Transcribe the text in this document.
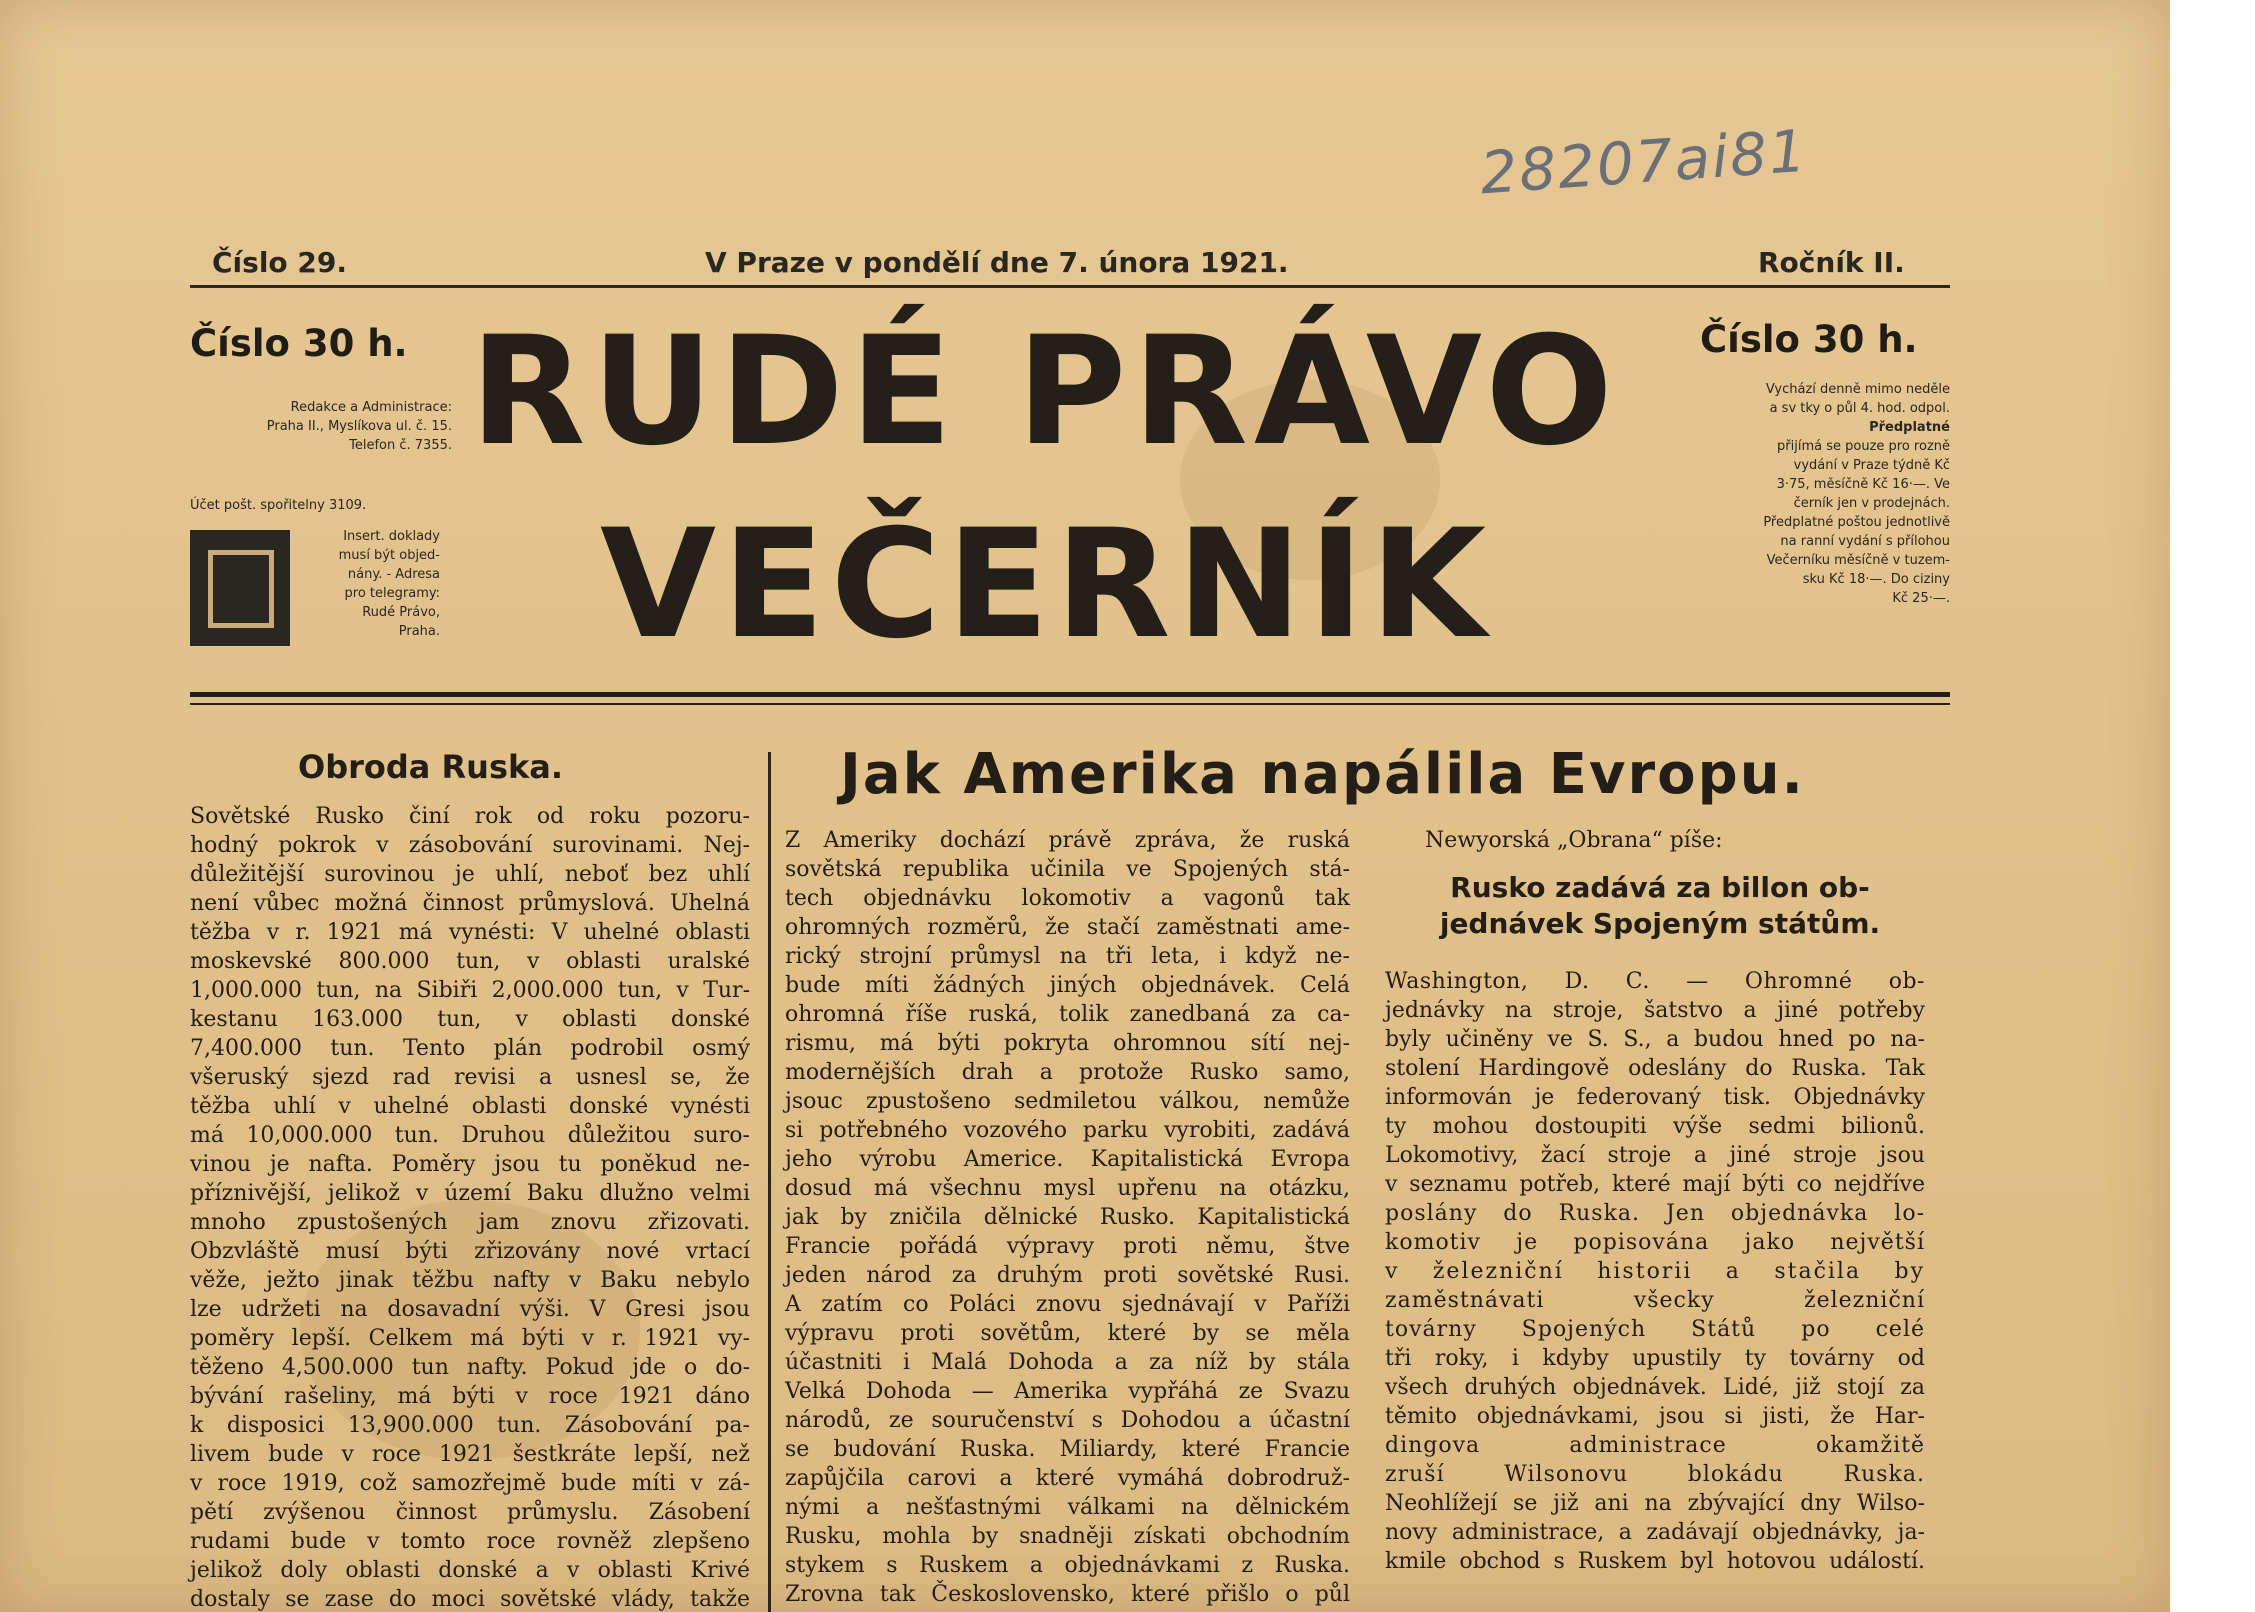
28207ai81
Číslo 29.	V Praze v pondělí dne 7. února 1921.	Ročník II.
Číslo 30 h.
Redakce a Administrace:
Praha II., Myslíkova ul. č. 15.
Telefon č. 7355.
Účet pošt. spořitelny 3109.
Insert. doklady
musí být objed-
nány. - Adresa
pro telegramy:
Rudé Právo,
Praha.
RUDÉ PRÁVO
VEČERNÍK
Číslo 30 h.
Vychází denně mimo neděle
a sv tky o půl 4. hod. odpol.
Předplatné
přijímá se pouze pro rozně
vydání v Praze týdně Kč
3·75, měsíčně Kč 16·—. Ve
černík jen v prodejnách.
Předplatné poštou jednotlivě
na ranní vydání s přílohou
Večerníku měsíčně v tuzem-
sku Kč 18·—. Do ciziny
Kč 25·—.
Obroda Ruska.
Sovětské Rusko činí rok od roku pozoru-
hodný pokrok v zásobování surovinami. Nej-
důležitější surovinou je uhlí, neboť bez uhlí
není vůbec možná činnost průmyslová. Uhelná
těžba v r. 1921 má vynésti: V uhelné oblasti
moskevské 800.000 tun, v oblasti uralské
1,000.000 tun, na Sibiři 2,000.000 tun, v Tur-
kestanu 163.000 tun, v oblasti donské
7,400.000 tun. Tento plán podrobil osmý
všeruský sjezd rad revisi a usnesl se, že
těžba uhlí v uhelné oblasti donské vynésti
má 10,000.000 tun. Druhou důležitou suro-
vinou je nafta. Poměry jsou tu poněkud ne-
příznivější, jelikož v území Baku dlužno velmi
mnoho zpustošených jam znovu zřizovati.
Obzvláště musí býti zřizovány nové vrtací
věže, ježto jinak těžbu nafty v Baku nebylo
lze udržeti na dosavadní výši. V Gresi jsou
poměry lepší. Celkem má býti v r. 1921 vy-
těženo 4,500.000 tun nafty. Pokud jde o do-
bývání rašeliny, má býti v roce 1921 dáno
k disposici 13,900.000 tun. Zásobování pa-
livem bude v roce 1921 šestkráte lepší, než
v roce 1919, což samozřejmě bude míti v zá-
pětí zvýšenou činnost průmyslu. Zásobení
rudami bude v tomto roce rovněž zlepšeno
jelikož doly oblasti donské a v oblasti Krivé
dostaly se zase do moci sovětské vlády, takže
Jak Amerika napálila Evropu.
Z Ameriky dochází právě zpráva, že ruská
sovětská republika učinila ve Spojených stá-
tech objednávku lokomotiv a vagonů tak
ohromných rozměrů, že stačí zaměstnati ame-
rický strojní průmysl na tři leta, i když ne-
bude míti žádných jiných objednávek. Celá
ohromná říše ruská, tolik zanedbaná za ca-
rismu, má býti pokryta ohromnou sítí nej-
modernějších drah a protože Rusko samo,
jsouc zpustošeno sedmiletou válkou, nemůže
si potřebného vozového parku vyrobiti, zadává
jeho výrobu Americe. Kapitalistická Evropa
dosud má všechnu mysl upřenu na otázku,
jak by zničila dělnické Rusko. Kapitalistická
Francie pořádá výpravy proti němu, štve
jeden národ za druhým proti sovětské Rusi.
A zatím co Poláci znovu sjednávají v Paříži
výpravu proti sovětům, které by se měla
účastniti i Malá Dohoda a za níž by stála
Velká Dohoda — Amerika vypřáhá ze Svazu
národů, ze souručenství s Dohodou a účastní
se budování Ruska. Miliardy, které Francie
zapůjčila carovi a které vymáhá dobrodruž-
nými a nešťastnými válkami na dělnickém
Rusku, mohla by snadněji získati obchodním
stykem s Ruskem a objednávkami z Ruska.
Zrovna tak Československo, které přišlo o půl
Newyorská „Obrana“ píše:
Rusko zadává za billon ob-
jednávek Spojeným státům.
Washington, D. C. — Ohromné ob-
jednávky na stroje, šatstvo a jiné potřeby
byly učiněny ve S. S., a budou hned po na-
stolení Hardingově odeslány do Ruska. Tak
informován je federovaný tisk. Objednávky
ty mohou dostoupiti výše sedmi bilionů.
Lokomotivy, žací stroje a jiné stroje jsou
v seznamu potřeb, které mají býti co nejdříve
poslány do Ruska. Jen objednávka lo-
komotiv je popisována jako největší
v železniční historii a stačila by
zaměstnávati všecky železniční
továrny Spojených Států po celé
tři roky, i kdyby upustily ty továrny od
všech druhých objednávek. Lidé, již stojí za
těmito objednávkami, jsou si jisti, že Har-
dingova administrace okamžitě
zruší Wilsonovu blokádu Ruska.
Neohlížejí se již ani na zbývající dny Wilso-
novy administrace, a zadávají objednávky, ja-
kmile obchod s Ruskem byl hotovou událostí.
